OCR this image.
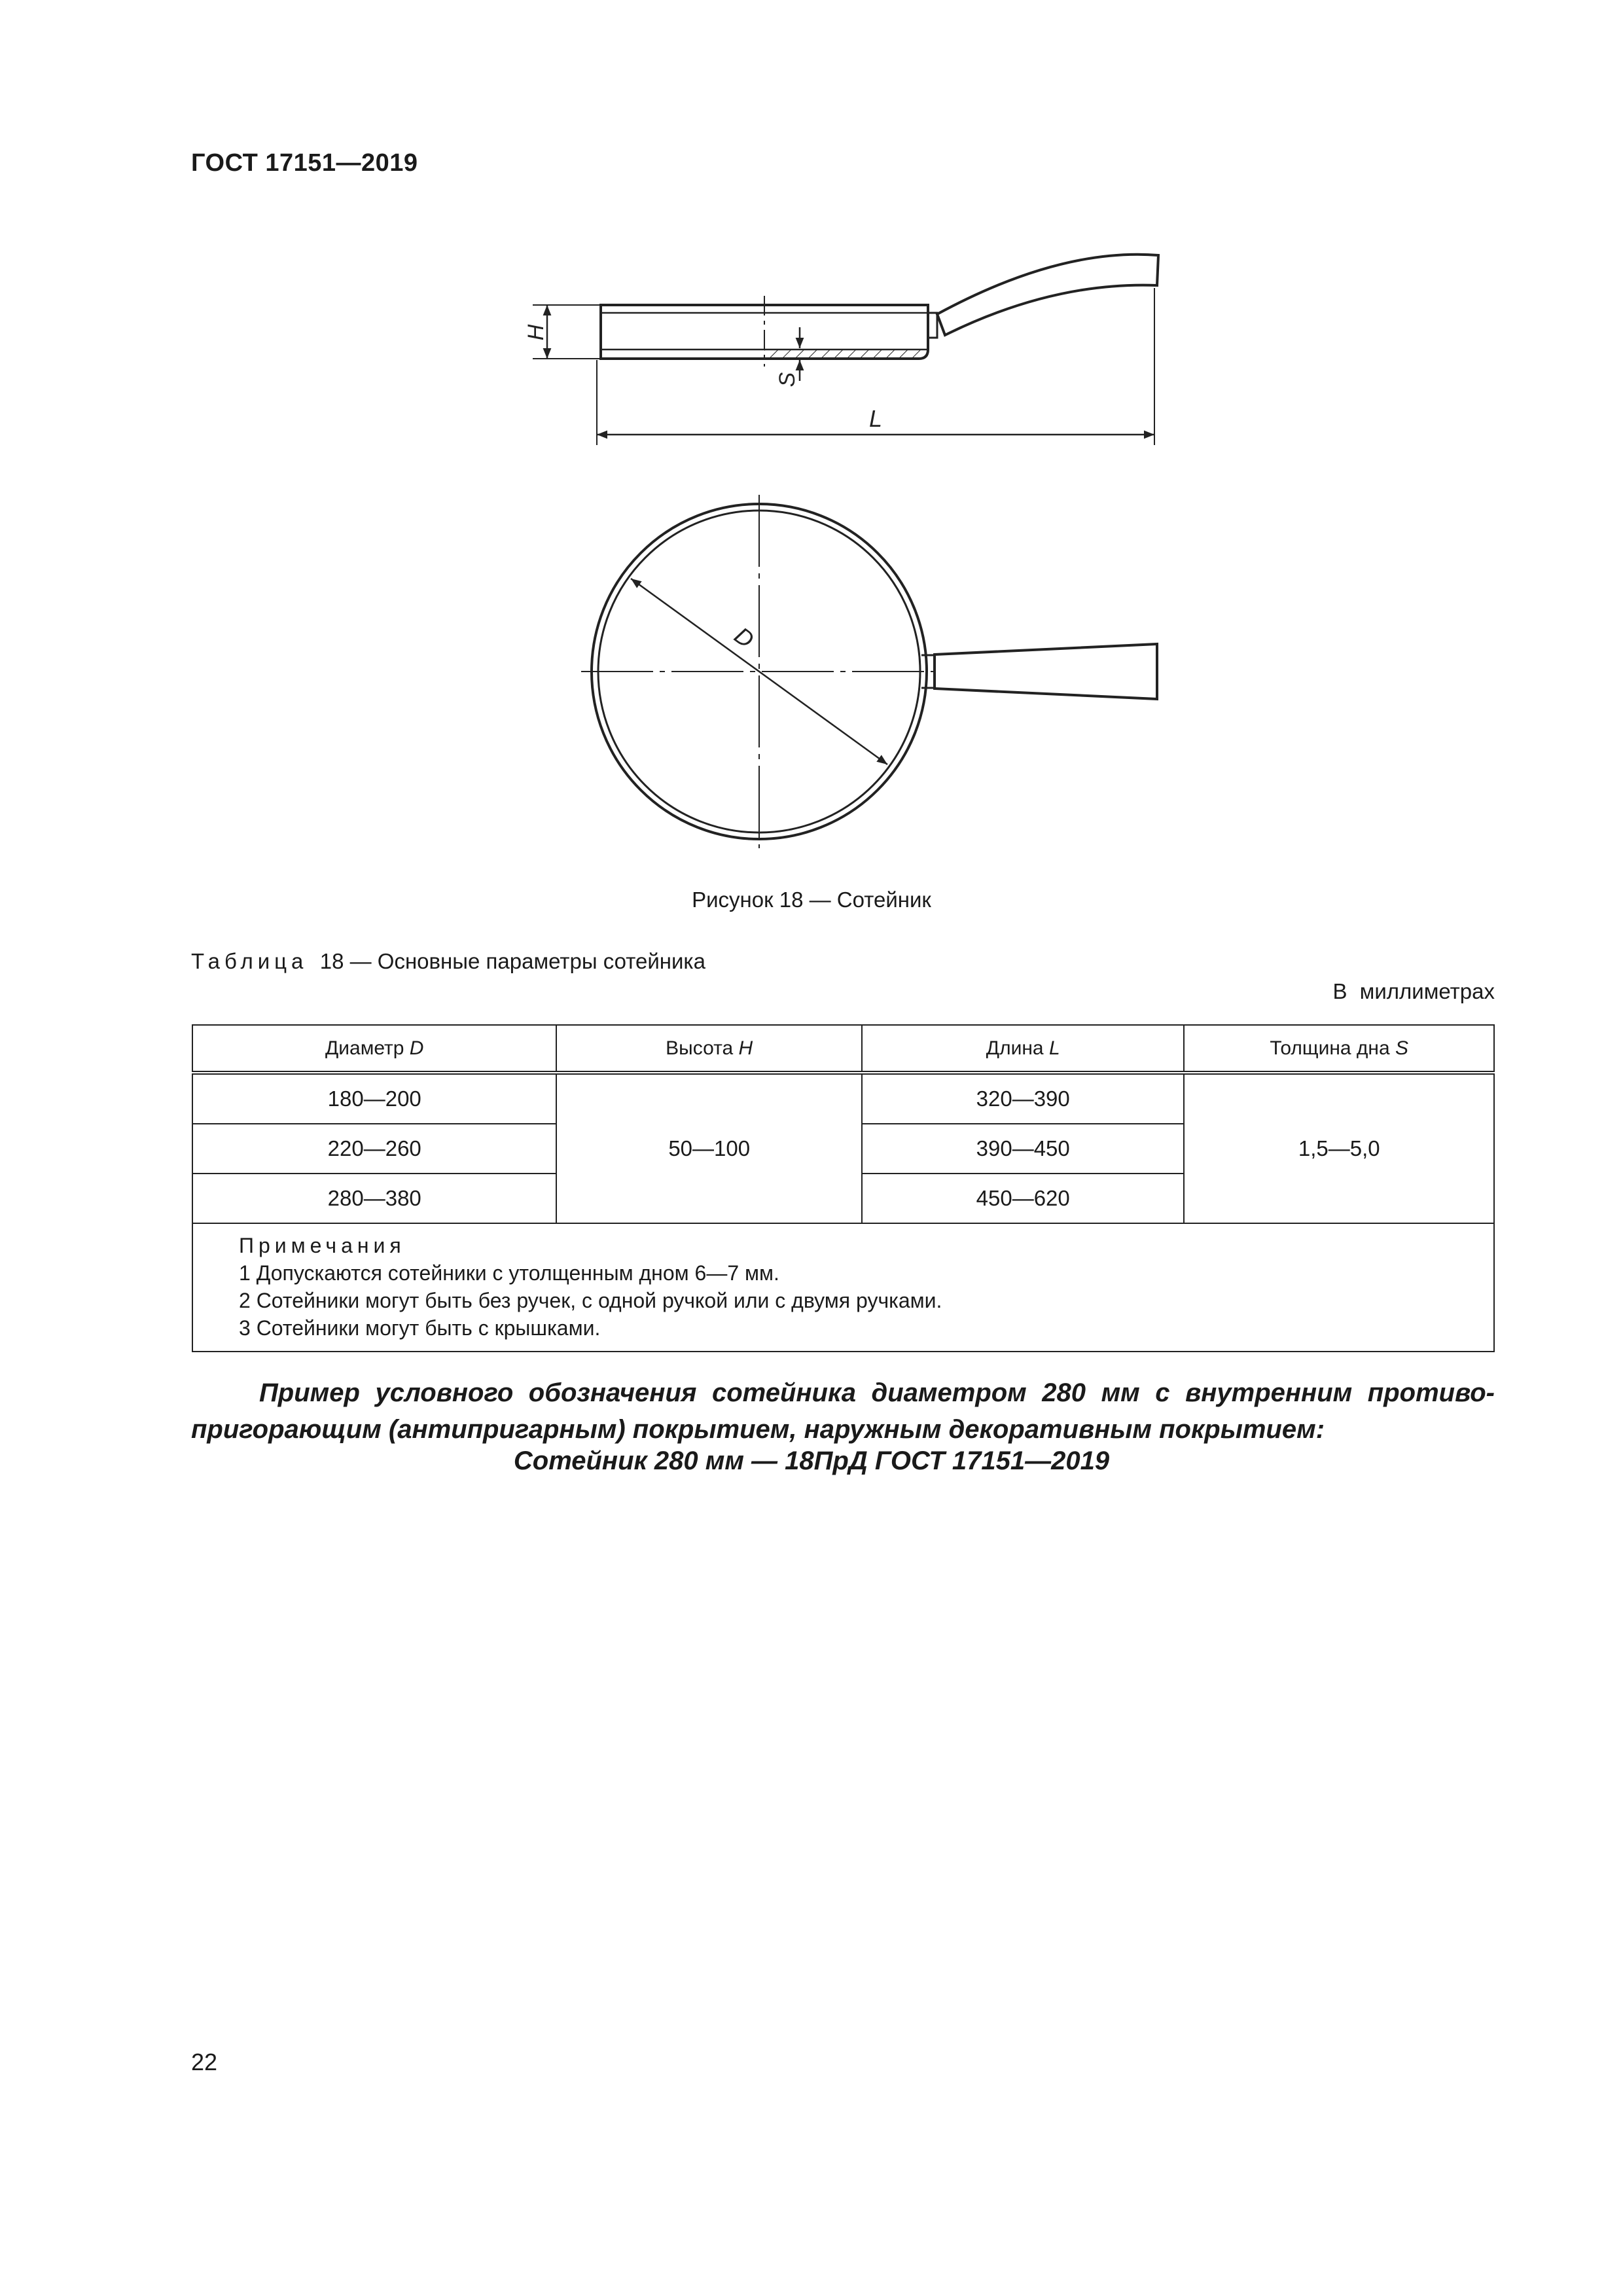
ГОСТ 17151—2019
H
S
L
D
Рисунок 18 — Сотейник
Таблица 18 — Основные параметры сотейника
В миллиметрах
Диаметр D	Высота H	Длина L	Толщина дна S
180—200	50—100	320—390	1,5—5,0
220—260		390—450	
280—380		450—620	

Примечания
1 Допускаются сотейники с утолщенным дном 6—7 мм.
2 Сотейники могут быть без ручек, с одной ручкой или с двумя ручками.
3 Сотейники могут быть с крышками.			
Пример условного обозначения сотейника диаметром 280 мм с внутренним противо-пригорающим (антипригарным) покрытием, наружным декоративным покрытием:
Сотейник 280 мм — 18ПрД ГОСТ 17151—2019
22
